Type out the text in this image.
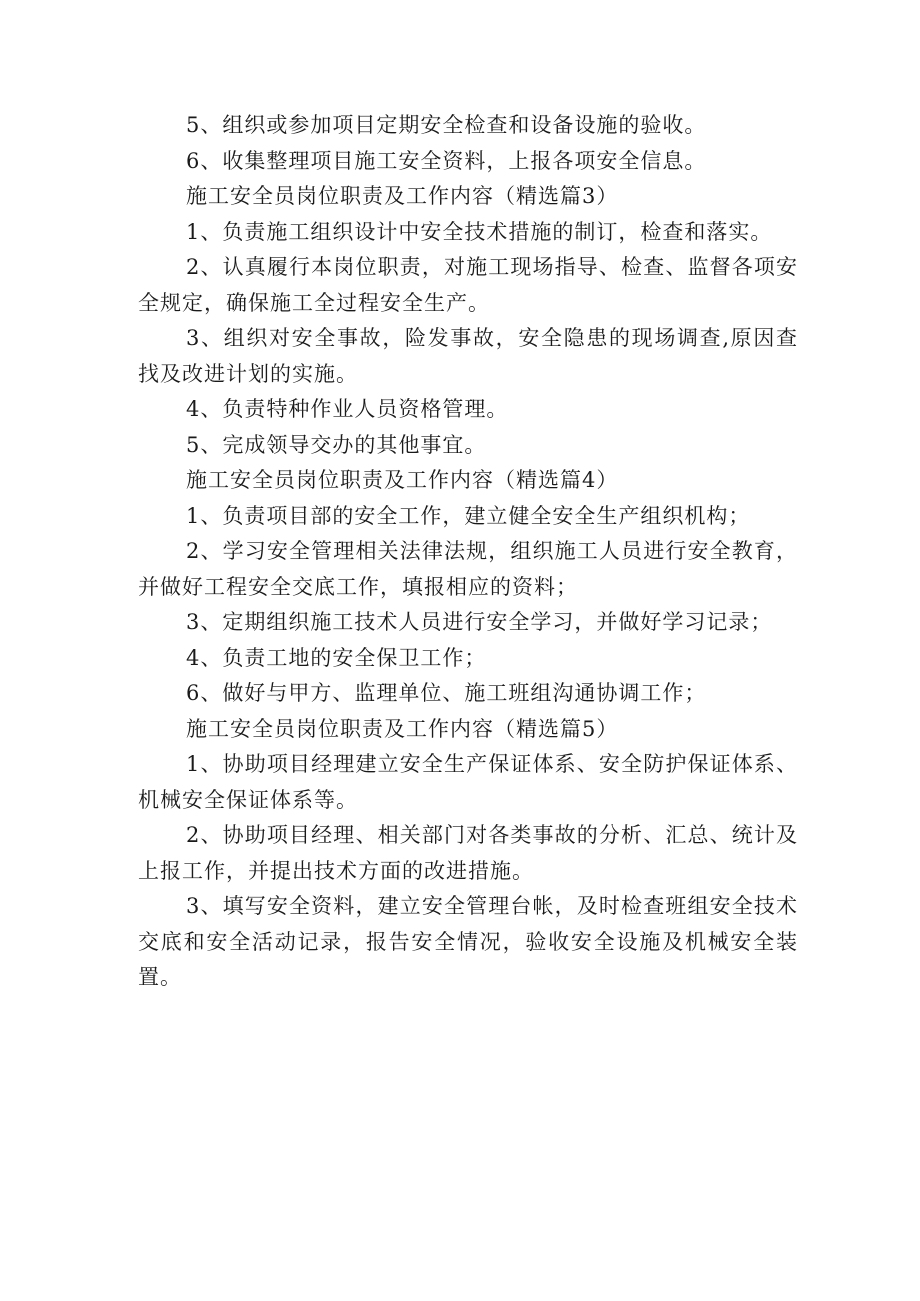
5、组织或参加项目定期安全检查和设备设施的验收。

6、收集整理项目施工安全资料，上报各项安全信息。

施工安全员岗位职责及工作内容（精选篇3）

1、负责施工组织设计中安全技术措施的制订，检查和落实。

2、认真履行本岗位职责，对施工现场指导、检查、监督各项安全规定，确保施工全过程安全生产。

3、组织对安全事故，险发事故，安全隐患的现场调查,原因查找及改进计划的实施。

4、负责特种作业人员资格管理。

5、完成领导交办的其他事宜。

施工安全员岗位职责及工作内容（精选篇4）

1、负责项目部的安全工作，建立健全安全生产组织机构；

2、学习安全管理相关法律法规，组织施工人员进行安全教育，并做好工程安全交底工作，填报相应的资料；

3、定期组织施工技术人员进行安全学习，并做好学习记录；

4、负责工地的安全保卫工作；

6、做好与甲方、监理单位、施工班组沟通协调工作；

施工安全员岗位职责及工作内容（精选篇5）

1、协助项目经理建立安全生产保证体系、安全防护保证体系、机械安全保证体系等。

2、协助项目经理、相关部门对各类事故的分析、汇总、统计及上报工作，并提出技术方面的改进措施。

3、填写安全资料，建立安全管理台帐，及时检查班组安全技术交底和安全活动记录，报告安全情况，验收安全设施及机械安全装置。
